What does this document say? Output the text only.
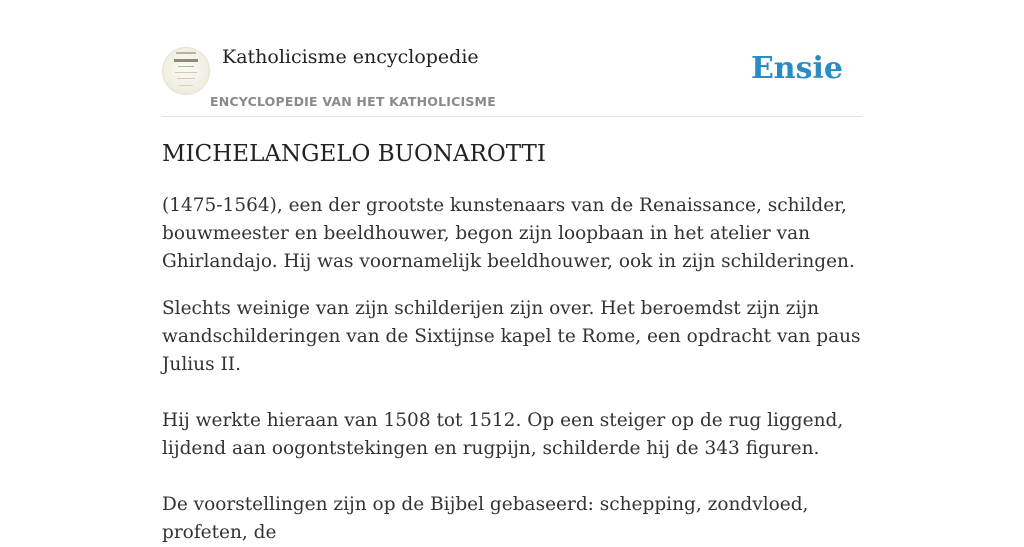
Katholicisme encyclopedie
ENCYCLOPEDIE VAN HET KATHOLICISME
Ensie
MICHELANGELO BUONAROTTI

(1475-1564), een der grootste kunstenaars van de Renaissance, schilder, bouwmeester en beeldhouwer, begon zijn loopbaan in het atelier van Ghirlandajo. Hij was voornamelijk beeldhouwer, ook in zijn schilderingen.

Slechts weinige van zijn schilderijen zijn over. Het beroemdst zijn zijn wandschilderingen van de Sixtijnse kapel te Rome, een opdracht van paus Julius II.

Hij werkte hieraan van 1508 tot 1512. Op een steiger op de rug liggend, lijdend aan oogontstekingen en rugpijn, schilderde hij de 343 figuren.

De voorstellingen zijn op de Bijbel gebaseerd: schepping, zondvloed, profeten, de
